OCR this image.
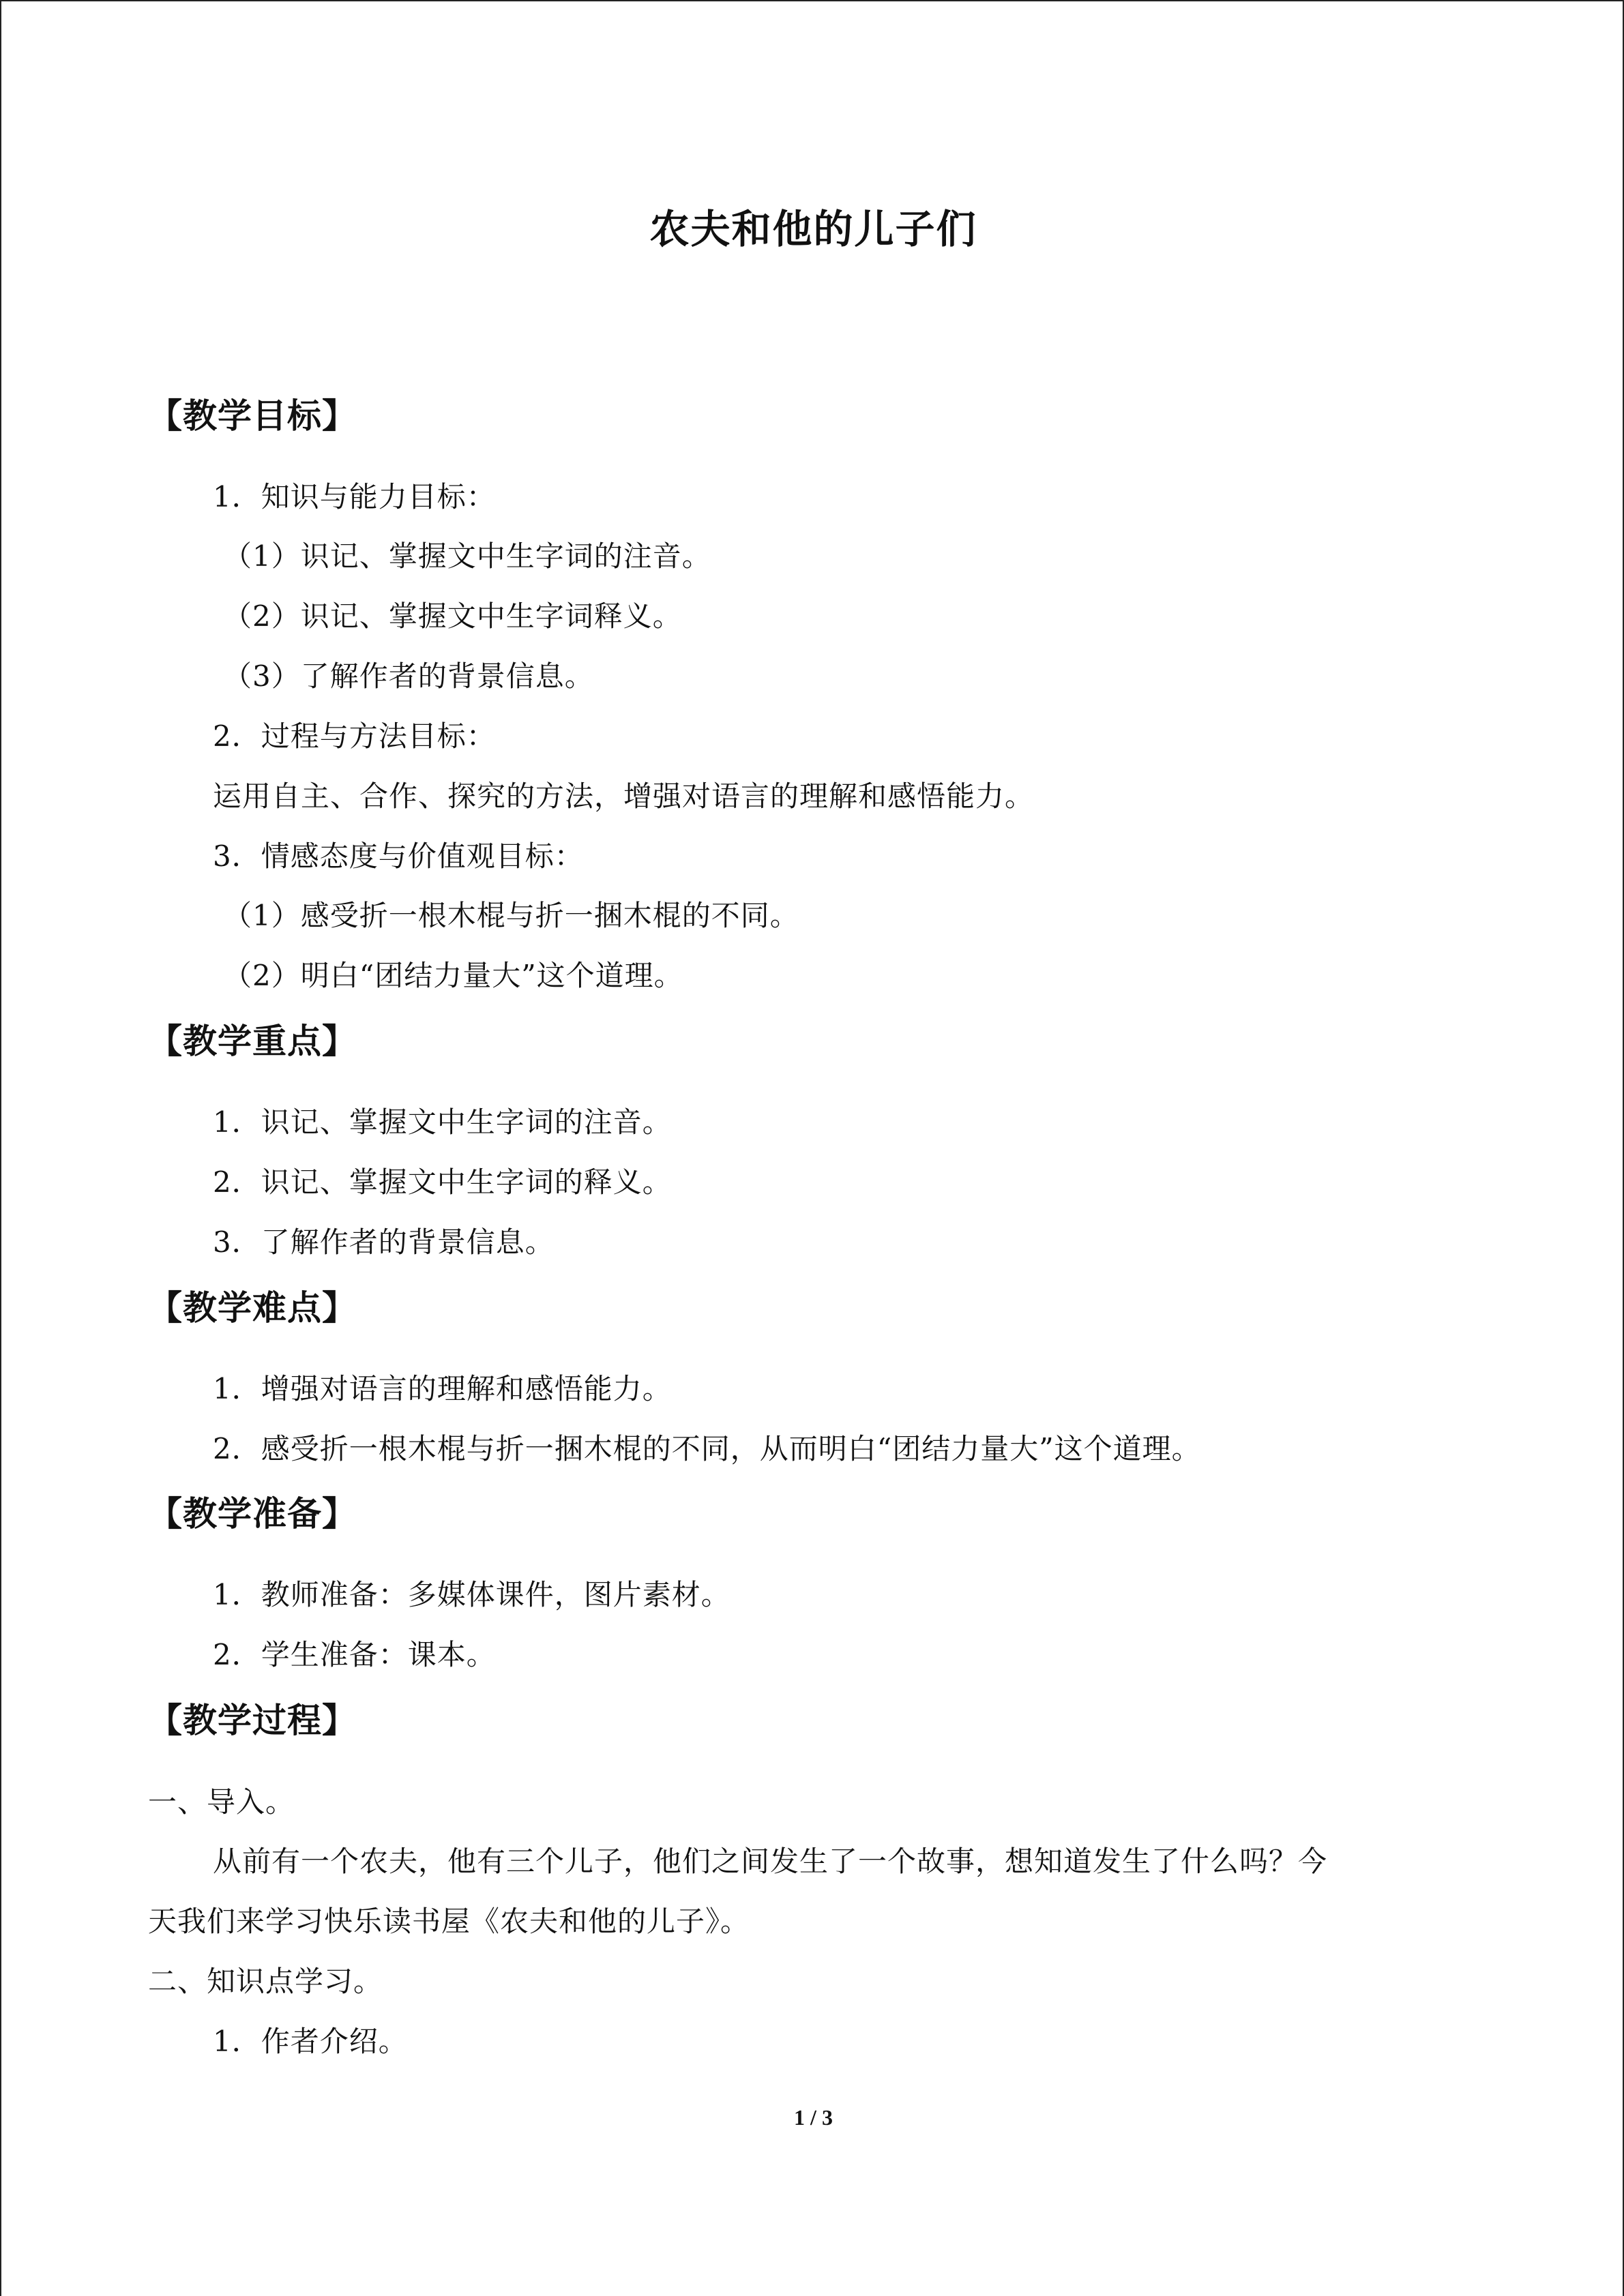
农夫和他的儿子们
【教学目标】
1．知识与能力目标：
（1）识记、掌握文中生字词的注音。
（2）识记、掌握文中生字词释义。
（3）了解作者的背景信息。
2．过程与方法目标：
运用自主、合作、探究的方法，增强对语言的理解和感悟能力。
3．情感态度与价值观目标：
（1）感受折一根木棍与折一捆木棍的不同。
（2）明白“团结力量大”这个道理。
【教学重点】
1．识记、掌握文中生字词的注音。
2．识记、掌握文中生字词的释义。
3．了解作者的背景信息。
【教学难点】
1．增强对语言的理解和感悟能力。
2．感受折一根木棍与折一捆木棍的不同，从而明白“团结力量大”这个道理。
【教学准备】
1．教师准备：多媒体课件，图片素材。
2．学生准备：课本。
【教学过程】
一、导入。
从前有一个农夫，他有三个儿子，他们之间发生了一个故事，想知道发生了什么吗？今
天我们来学习快乐读书屋《农夫和他的儿子》。
二、知识点学习。
1．作者介绍。
1 / 3
